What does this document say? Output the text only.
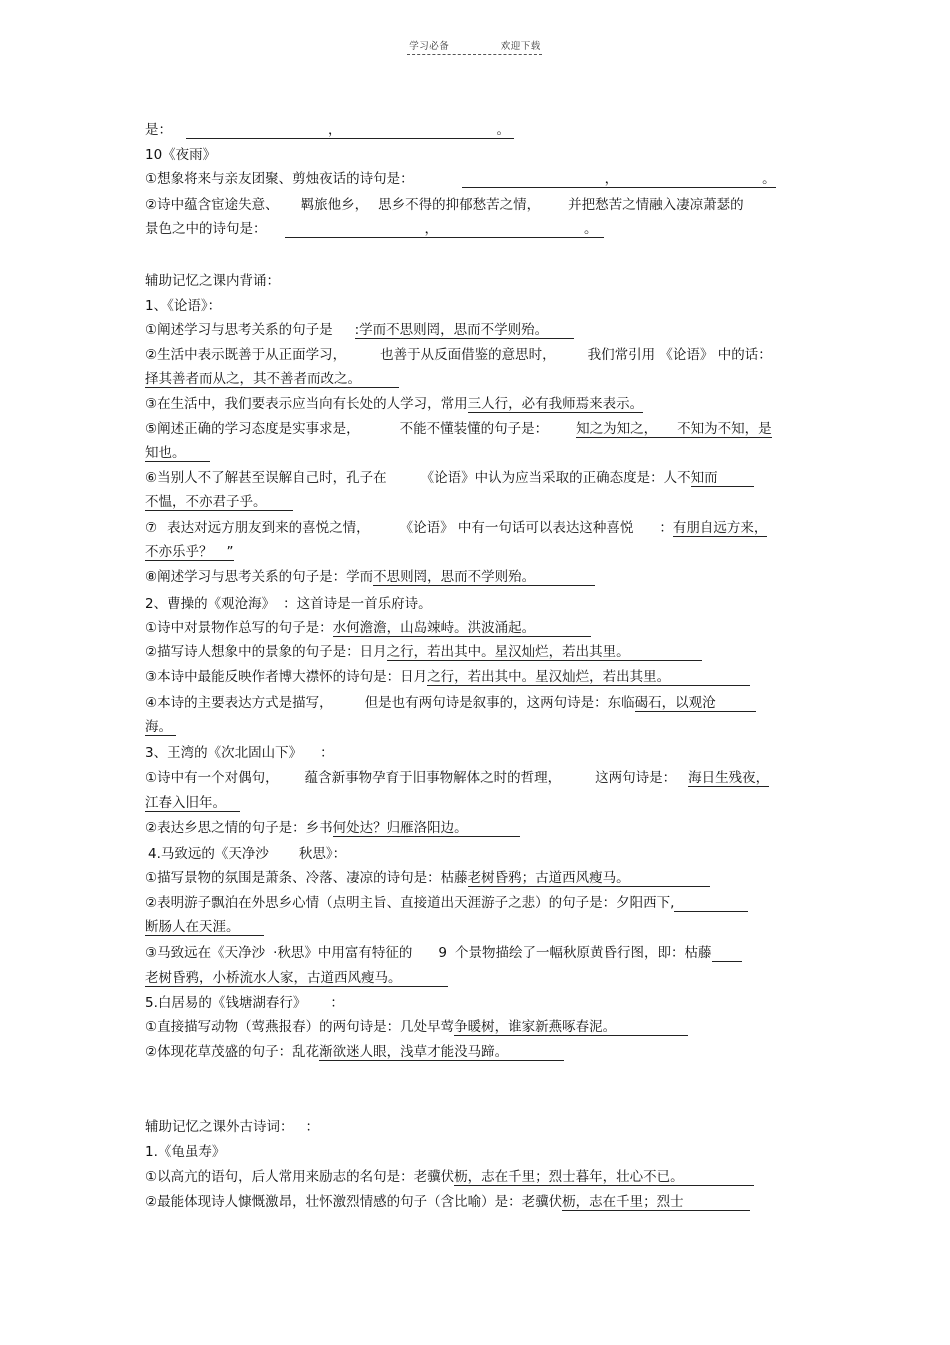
学习必备	欢迎下载
是：	，	。
10《夜雨》
①想象将来与亲友团聚、剪烛夜话的诗句是：	，	。
②诗中蕴含宦途失意、 羁旅他乡， 思乡不得的抑郁愁苦之情， 并把愁苦之情融入凄凉萧瑟的
景色之中的诗句是：	，	。
辅助记忆之课内背诵：
1、《论语》：
①阐述学习与思考关系的句子是 :学而不思则罔，思而不学则殆。
②生活中表示既善于从正面学习，	也善于从反面借鉴的意思时， 我们常引用 《论语》 中的话：
择其善者而从之，其不善者而改之。
③在生活中，我们要表示应当向有长处的人学习，常用三人行，必有我师焉来表示。
⑤阐述正确的学习态度是实事求是，	不能不懂装懂的句子是： 知之为知之， 不知为不知，是
知也。
⑥当别人不了解甚至误解自己时，孔子在	《论语》中认为应当采取的正确态度是：人不知而
不愠，不亦君子乎。
⑦ 表达对远方朋友到来的喜悦之情， 《论语》 中有一句话可以表达这种喜悦 ：有朋自远方来，
不亦乐乎？ ”
⑧阐述学习与思考关系的句子是：学而不思则罔，思而不学则殆。
2、曹操的《观沧海》 ：这首诗是一首乐府诗。
①诗中对景物作总写的句子是：水何澹澹，山岛竦峙。洪波涌起。
②描写诗人想象中的景象的句子是：日月之行，若出其中。星汉灿烂，若出其里。
③本诗中最能反映作者博大襟怀的诗句是：日月之行，若出其中。星汉灿烂，若出其里。
④本诗的主要表达方式是描写， 但是也有两句诗是叙事的，这两句诗是：东临碣石，以观沧
海。
3、王湾的《次北固山下》 ：
①诗中有一个对偶句， 蕴含新事物孕育于旧事物解体之时的哲理，	这两句诗是： 海日生残夜，
江春入旧年。
②表达乡思之情的句子是：乡书何处达？归雁洛阳边。
4.马致远的《天净沙 秋思》：
①描写景物的氛围是萧条、冷落、凄凉的诗句是：枯藤老树昏鸦；古道西风瘦马。
②表明游子飘泊在外思乡心情（点明主旨、直接道出天涯游子之悲）的句子是：夕阳西下,
断肠人在天涯。
③马致远在《天净沙 ·秋思》中用富有特征的 9 个景物描绘了一幅秋原黄昏行图，即：枯藤
老树昏鸦，小桥流水人家，古道西风瘦马。
5.白居易的《钱塘湖春行》 ：
①直接描写动物（莺燕报春）的两句诗是：几处早莺争暖树，谁家新燕啄春泥。
②体现花草茂盛的句子：乱花渐欲迷人眼，浅草才能没马蹄。
辅助记忆之课外古诗词： ：
1.《龟虽寿》
①以高亢的语句，后人常用来励志的名句是：老骥伏枥，志在千里；烈士暮年，壮心不已。
②最能体现诗人慷慨激昂，壮怀激烈情感的句子（含比喻）是：老骥伏枥，志在千里；烈士
